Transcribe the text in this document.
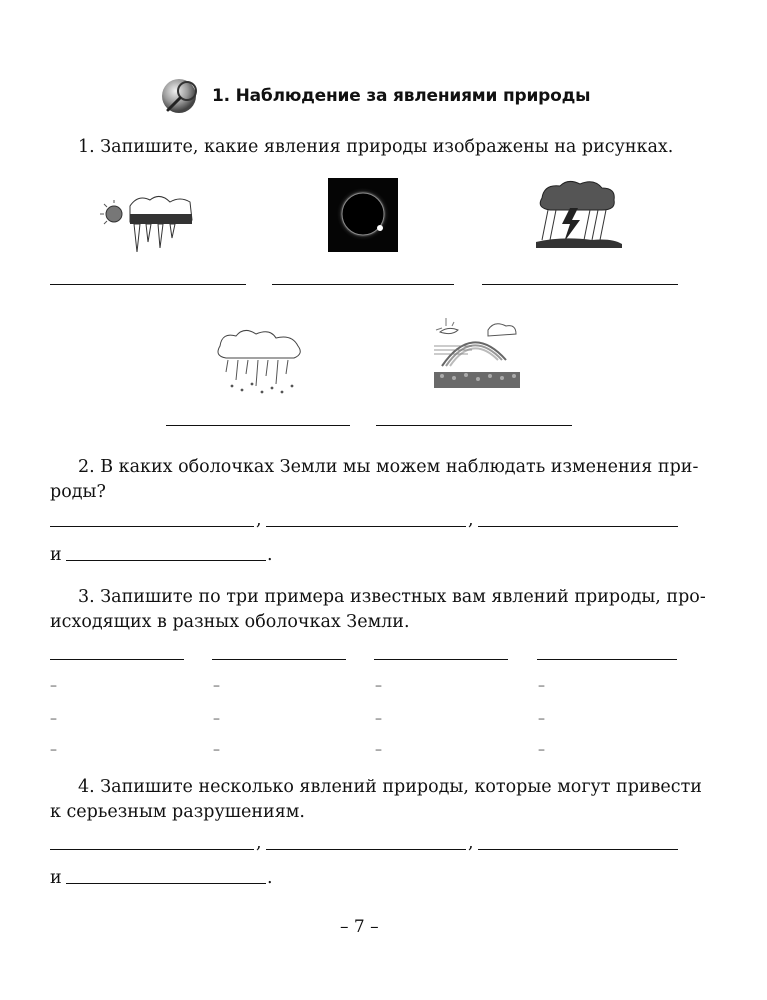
1. Наблюдение за явлениями природы
1. Запишите, какие явления природы изображены на рисунках.
2. В каких оболочках Земли мы можем наблюдать изменения при-
роды?
,	,
и	.
3. Запишите по три примера известных вам явлений природы, про-
исходящих в разных оболочках Земли.
–	–	–	–
–	–	–	–
–	–	–	–
4. Запишите несколько явлений природы, которые могут привести
к серьезным разрушениям.
,	,
и	.
– 7 –
